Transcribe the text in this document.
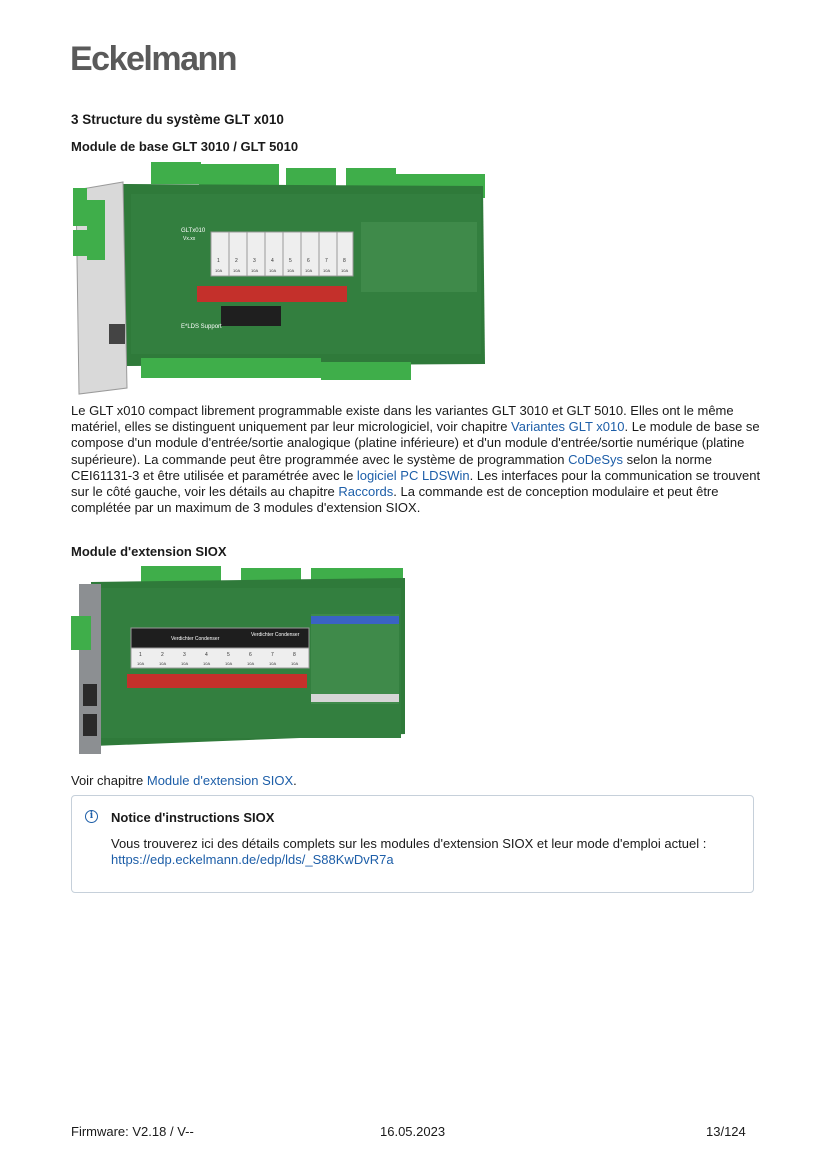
Eckelmann
3 Structure du système GLT x010
Module de base GLT 3010 / GLT 5010
GLTx010
Vx.xx
E*LDS Support
1
10A
2
10A
3
10A
4
10A
5
10A
6
10A
7
10A
8
10A
Le GLT x010 compact librement programmable existe dans les variantes GLT 3010 et GLT 5010. Elles ont le même matériel, elles se distinguent uniquement par leur micrologiciel, voir chapitre Variantes GLT x010. Le module de base se compose d'un module d'entrée/sortie analogique (platine inférieure) et d'un module d'entrée/sortie numérique (platine supérieure). La commande peut être programmée avec le système de programmation CoDeSys selon la norme CEI61131-3 et être utilisée et paramétrée avec le logiciel PC LDSWin. Les interfaces pour la communication se trouvent sur le côté gauche, voir les détails au chapitre Raccords. La commande est de conception modulaire et peut être complétée par un maximum de 3 modules d'extension SIOX.
Module d'extension SIOX
Verdichter Condenser
Verdichter Condenser
1
10A
2
10A
3
10A
4
10A
5
10A
6
10A
7
10A
8
10A
Voir chapitre Module d'extension SIOX.
i	Notice d'instructions SIOX
Vous trouverez ici des détails complets sur les modules d'extension SIOX et leur mode d'emploi actuel :
https://edp.eckelmann.de/edp/lds/_S88KwDvR7a
Firmware: V2.18 / V--	16.05.2023	13/124
